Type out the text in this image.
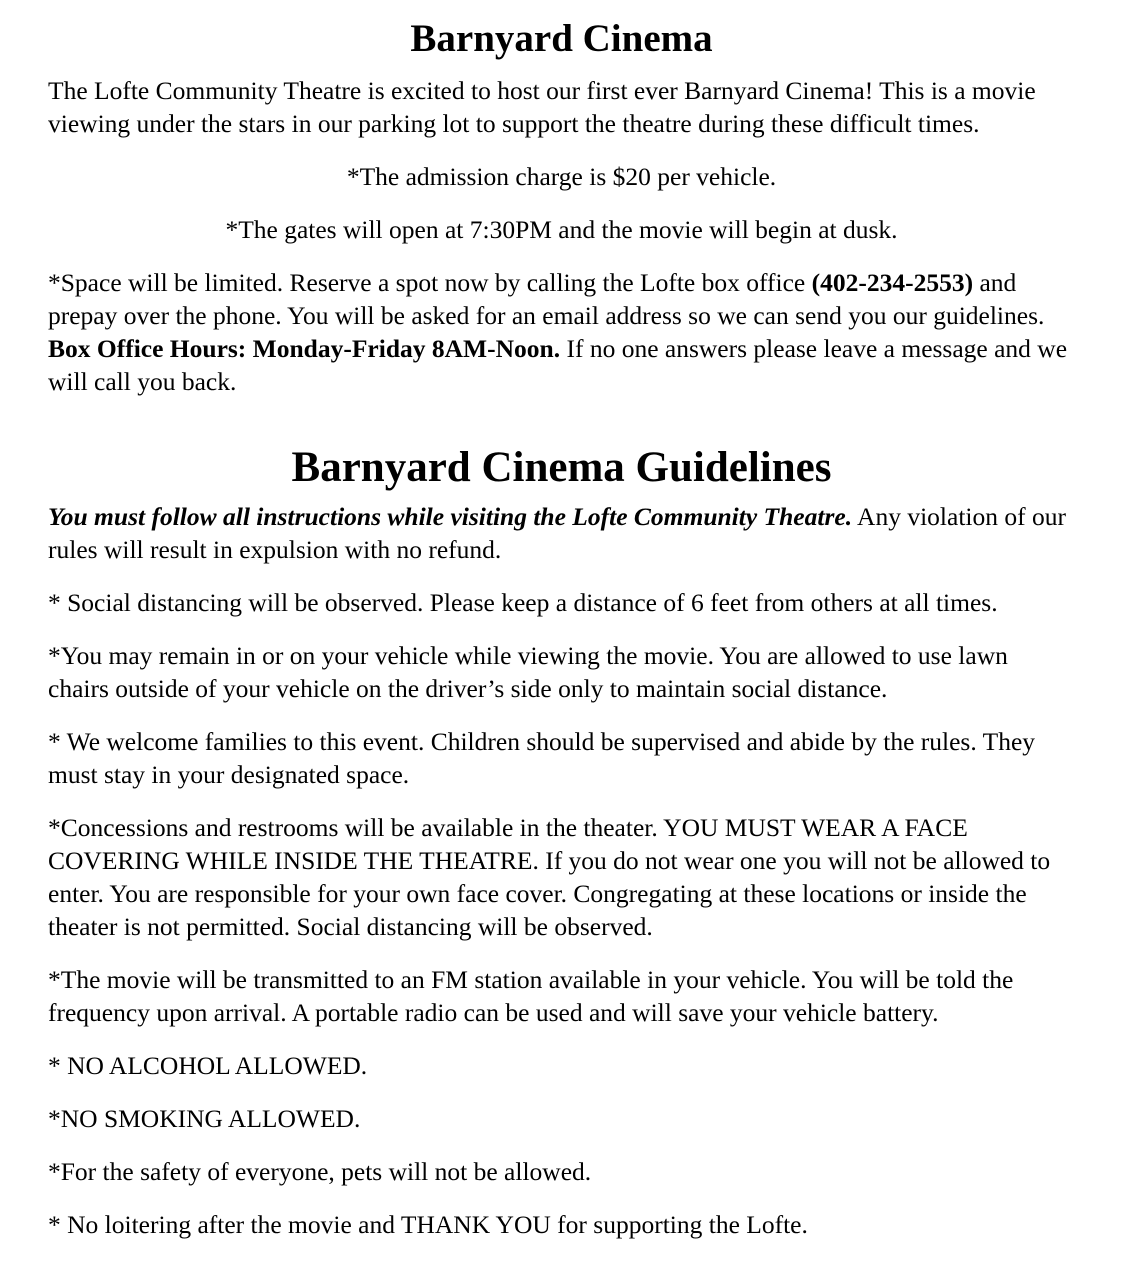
Barnyard Cinema

The Lofte Community Theatre is excited to host our first ever Barnyard Cinema! This is a movie viewing under the stars in our parking lot to support the theatre during these difficult times.

*The admission charge is $20 per vehicle.

*The gates will open at 7:30PM and the movie will begin at dusk.

*Space will be limited. Reserve a spot now by calling the Lofte box office (402-234-2553) and prepay over the phone. You will be asked for an email address so we can send you our guidelines. Box Office Hours: Monday-Friday 8AM-Noon. If no one answers please leave a message and we will call you back.

Barnyard Cinema Guidelines

You must follow all instructions while visiting the Lofte Community Theatre. Any violation of our rules will result in expulsion with no refund.

* Social distancing will be observed. Please keep a distance of 6 feet from others at all times.

*You may remain in or on your vehicle while viewing the movie. You are allowed to use lawn chairs outside of your vehicle on the driver’s side only to maintain social distance.

* We welcome families to this event. Children should be supervised and abide by the rules. They must stay in your designated space.

*Concessions and restrooms will be available in the theater. YOU MUST WEAR A FACE COVERING WHILE INSIDE THE THEATRE. If you do not wear one you will not be allowed to enter. You are responsible for your own face cover. Congregating at these locations or inside the theater is not permitted. Social distancing will be observed.

*The movie will be transmitted to an FM station available in your vehicle. You will be told the frequency upon arrival. A portable radio can be used and will save your vehicle battery.

* NO ALCOHOL ALLOWED.

*NO SMOKING ALLOWED.

*For the safety of everyone, pets will not be allowed.

* No loitering after the movie and THANK YOU for supporting the Lofte.
